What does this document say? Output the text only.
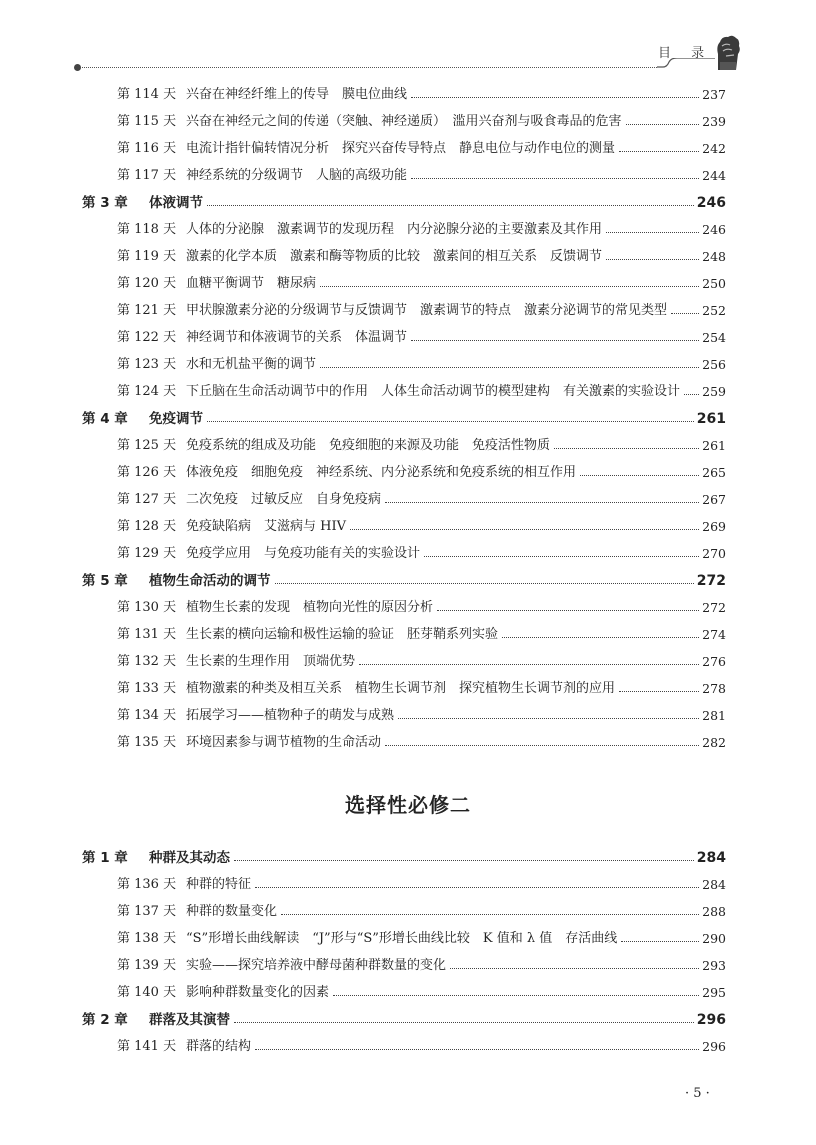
目 录
第 114 天 兴奋在神经纤维上的传导　膜电位曲线	237
第 115 天 兴奋在神经元之间的传递（突触、神经递质）　滥用兴奋剂与吸食毒品的危害	239
第 116 天 电流计指针偏转情况分析　探究兴奋传导特点　静息电位与动作电位的测量	242
第 117 天 神经系统的分级调节　人脑的高级功能	244
第 3 章 体液调节	246
第 118 天 人体的分泌腺　激素调节的发现历程　内分泌腺分泌的主要激素及其作用	246
第 119 天 激素的化学本质　激素和酶等物质的比较　激素间的相互关系　反馈调节	248
第 120 天 血糖平衡调节　糖尿病	250
第 121 天 甲状腺激素分泌的分级调节与反馈调节　激素调节的特点　激素分泌调节的常见类型	252
第 122 天 神经调节和体液调节的关系　体温调节	254
第 123 天 水和无机盐平衡的调节	256
第 124 天 下丘脑在生命活动调节中的作用　人体生命活动调节的模型建构　有关激素的实验设计 259
第 4 章 免疫调节	261
第 125 天 免疫系统的组成及功能　免疫细胞的来源及功能　免疫活性物质	261
第 126 天 体液免疫　细胞免疫　神经系统、内分泌系统和免疫系统的相互作用	265
第 127 天 二次免疫　过敏反应　自身免疫病	267
第 128 天 免疫缺陷病　艾滋病与 HIV	269
第 129 天 免疫学应用　与免疫功能有关的实验设计	270
第 5 章 植物生命活动的调节	272
第 130 天 植物生长素的发现　植物向光性的原因分析	272
第 131 天 生长素的横向运输和极性运输的验证　胚芽鞘系列实验	274
第 132 天 生长素的生理作用　顶端优势	276
第 133 天 植物激素的种类及相互关系　植物生长调节剂　探究植物生长调节剂的应用	278
第 134 天 拓展学习——植物种子的萌发与成熟	281
第 135 天 环境因素参与调节植物的生命活动	282
第 1 章 种群及其动态	284
第 136 天 种群的特征	284
第 137 天 种群的数量变化	288
第 138 天 “S”形增长曲线解读　“J”形与“S”形增长曲线比较　K 值和 λ 值　存活曲线	290
第 139 天 实验——探究培养液中酵母菌种群数量的变化	293
第 140 天 影响种群数量变化的因素	295
第 2 章 群落及其演替	296
第 141 天 群落的结构	296
选择性必修二
· 5 ·
